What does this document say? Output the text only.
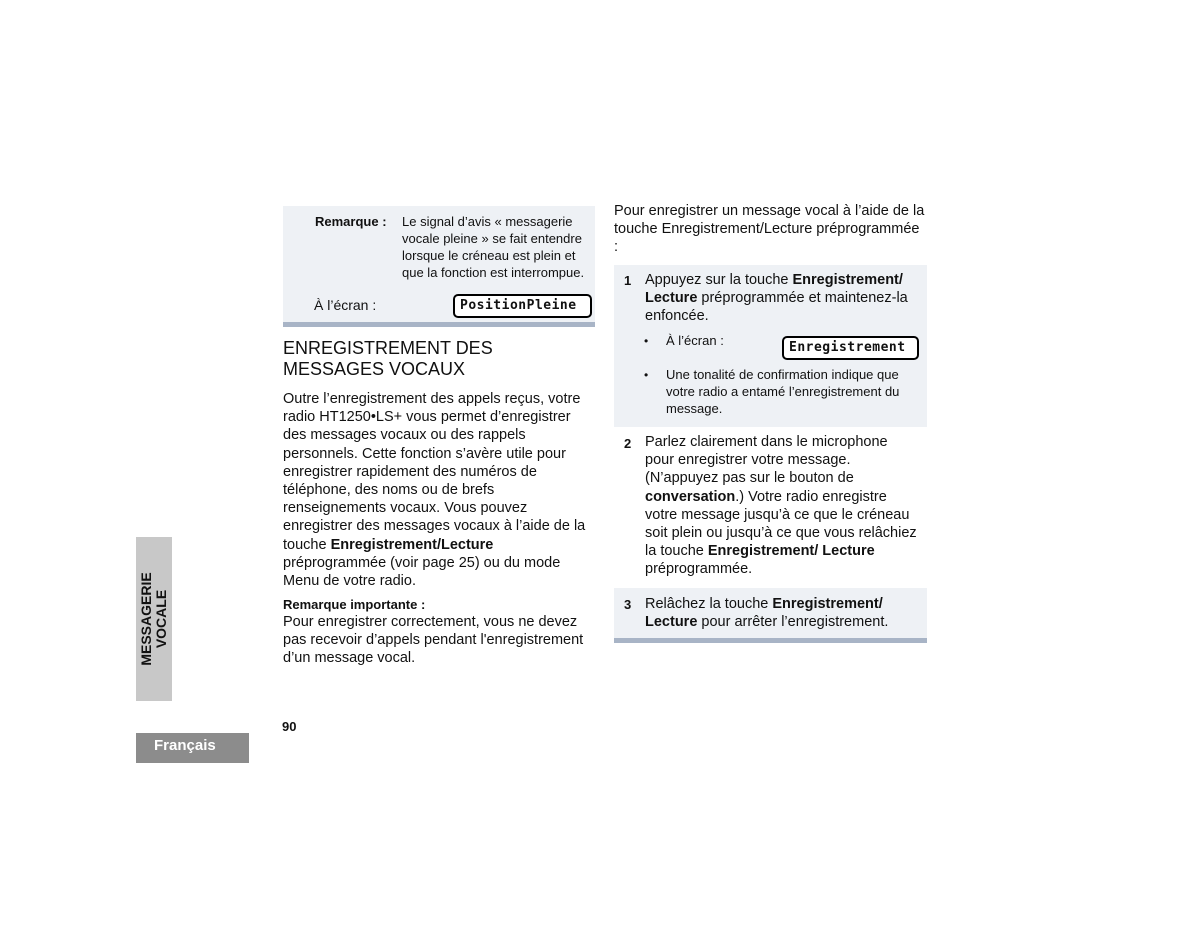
MESSAGERIE VOCALE
Français
90
Remarque : Le signal d’avis « messagerie vocale pleine » se fait entendre lorsque le créneau est plein et que la fonction est interrompue.
À l’écran :	PositionPleine
ENREGISTREMENT DES
MESSAGES VOCAUX
Outre l’enregistrement des appels reçus, votre radio HT1250•LS+ vous permet d’enregistrer des messages vocaux ou des rappels personnels. Cette fonction s’avère utile pour enregistrer rapidement des numéros de téléphone, des noms ou de brefs renseignements vocaux. Vous pouvez enregistrer des messages vocaux à l’aide de la touche Enregistrement/Lecture préprogrammée (voir page 25) ou du mode Menu de votre radio.
Remarque importante :
Pour enregistrer correctement, vous ne devez pas recevoir d’appels pendant l'enregistrement d’un message vocal.
Pour enregistrer un message vocal à l’aide de la touche Enregistrement/Lecture préprogrammée :
1 Appuyez sur la touche Enregistrement/ Lecture préprogrammée et maintenez-la enfoncée.
• À l’écran :	Enregistrement
• Une tonalité de confirmation indique que votre radio a entamé l’enregistrement du message.
2 Parlez clairement dans le microphone pour enregistrer votre message. (N’appuyez pas sur le bouton de conversation.) Votre radio enregistre votre message jusqu’à ce que le créneau soit plein ou jusqu’à ce que vous relâchiez la touche Enregistrement/ Lecture préprogrammée.
3 Relâchez la touche Enregistrement/ Lecture pour arrêter l’enregistrement.
